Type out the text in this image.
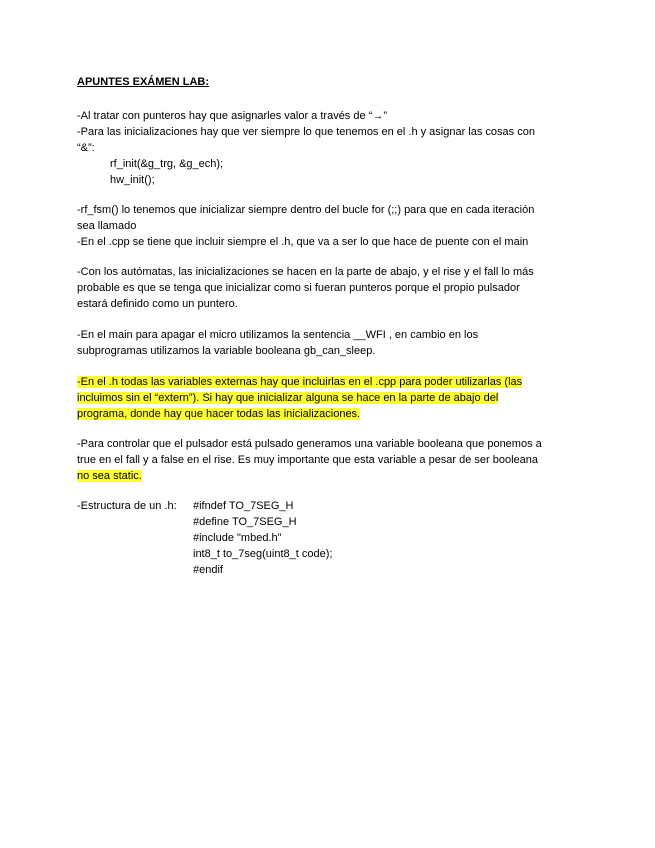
APUNTES EXÁMEN LAB:
-Al tratar con punteros hay que asignarles valor a través de “→”
-Para las inicializaciones hay que ver siempre lo que tenemos en el .h y asignar las cosas con
“&”:
rf_init(&g_trg, &g_ech);
hw_init();
-rf_fsm() lo tenemos que inicializar siempre dentro del bucle for (;;) para que en cada iteración
sea llamado
-En el .cpp se tiene que incluir siempre el .h, que va a ser lo que hace de puente con el main
-Con los autómatas, las inicializaciones se hacen en la parte de abajo, y el rise y el fall lo más
probable es que se tenga que inicializar como si fueran punteros porque el propio pulsador
estará definido como un puntero.
-En el main para apagar el micro utilizamos la sentencia __WFI , en cambio en los
subprogramas utilizamos la variable booleana gb_can_sleep.
-En el .h todas las variables externas hay que incluirlas en el .cpp para poder utilizarlas (las
incluimos sin el “extern”). Si hay que inicializar alguna se hace en la parte de abajo del
programa, donde hay que hacer todas las inicializaciones.
-Para controlar que el pulsador está pulsado generamos una variable booleana que ponemos a
true en el fall y a false en el rise. Es muy importante que esta variable a pesar de ser booleana
no sea static.
-Estructura de un .h: #ifndef TO_7SEG_H
#define TO_7SEG_H
#include "mbed.h"
int8_t to_7seg(uint8_t code);
#endif
